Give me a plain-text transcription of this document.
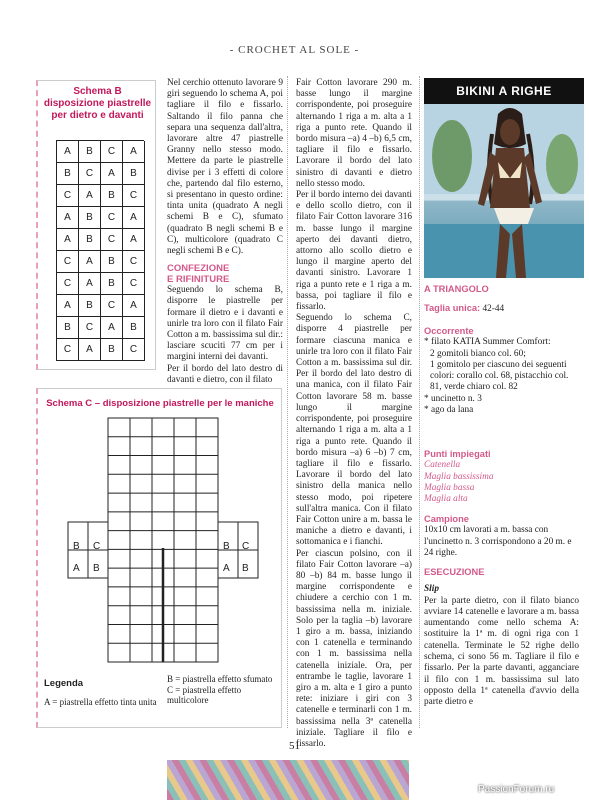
- CROCHET AL SOLE -
Schema B
disposizione piastrelle
per dietro e davanti
A	B	C	A
B	C	A	B
C	A	B	C
A	B	C	A
A	B	C	A
C	A	B	C
C	A	B	C
A	B	C	A
B	C	A	B
C	A	B	C

Nel cerchio ottenuto lavorare 9 giri seguendo lo schema A, poi tagliare il filo e fissarlo. Saltando il filo panna che separa una sequenza dall'altra, lavorare altre 47 piastrelle Granny nello stesso modo. Mettere da parte le piastrelle divise per i 3 effetti di colore che, partendo dal filo esterno, si presentano in questo ordine: tinta unita (quadrato A negli schemi B e C), sfumato (quadrato B negli schemi B e C), multicolore (quadrato C negli schemi B e C).

CONFEZIONE
E RIFINITURE

Seguendo lo schema B, disporre le piastrelle per formare il dietro e i davanti e unirle tra loro con il filato Fair Cotton a m. bassissima sul dir.: lasciare scuciti 77 cm per i margini interni dei davanti.

Per il bordo del lato destro di davanti e dietro, con il filato

Fair Cotton lavorare 290 m. basse lungo il margine corrispondente, poi proseguire alternando 1 riga a m. alta a 1 riga a punto rete. Quando il bordo misura –a) 4 –b) 6,5 cm, tagliare il filo e fissarlo. Lavorare il bordo del lato sinistro di davanti e dietro nello stesso modo.

Per il bordo interno dei davanti e dello scollo dietro, con il filato Fair Cotton lavorare 316 m. basse lungo il margine aperto dei davanti dietro, attorno allo scollo dietro e lungo il margine aperto del davanti sinistro. Lavorare 1 riga a punto rete e 1 riga a m. bassa, poi tagliare il filo e fissarlo.

Seguendo lo schema C, disporre 4 piastrelle per formare ciascuna manica e unirle tra loro con il filato Fair Cotton a m. bassissima sul dir. Per il bordo del lato destro di una manica, con il filato Fair Cotton lavorare 58 m. basse lungo il margine corrispondente, poi proseguire alternando 1 riga a m. alta a 1 riga a punto rete. Quando il bordo misura –a) 6 –b) 7 cm, tagliare il filo e fissarlo. Lavorare il bordo del lato sinistro della manica nello stesso modo, poi ripetere sull'altra manica. Con il filato Fair Cotton unire a m. bassa le maniche a dietro e davanti, i sottomanica e i fianchi.

Per ciascun polsino, con il filato Fair Cotton lavorare –a) 80 –b) 84 m. basse lungo il margine corrispondente e chiudere a cerchio con 1 m. bassissima nella m. iniziale. Solo per la taglia –b) lavorare 1 giro a m. bassa, iniziando con 1 catenella e terminando con 1 m. bassissima nella catenella iniziale. Ora, per entrambe le taglie, lavorare 1 giro a m. alta e 1 giro a punto rete: iniziare i giri con 3 catenelle e terminarli con 1 m. bassissima nella 3ª catenella iniziale. Tagliare il filo e fissarlo.

Schema C – disposizione piastrelle per le maniche
B C
A B
B C
A B
Legenda
A = piastrella effetto tinta unita
B = piastrella effetto sfumato
C = piastrella effetto multicolore
BIKINI A RIGHE
A TRIANGOLO
Taglia unica: 42-44
Occorrente
* filato KATIA Summer Comfort:
2 gomitoli bianco col. 60;
1 gomitolo per ciascuno dei seguenti colori: corallo col. 68, pistacchio col. 81, verde chiaro col. 82
* uncinetto n. 3
* ago da lana
Punti impiegati
Catenella
Maglia bassissima
Maglia bassa
Maglia alta
Campione
10x10 cm lavorati a m. bassa con l'uncinetto n. 3 corrispondono a 20 m. e 24 righe.
ESECUZIONE
Slip
Per la parte dietro, con il filato bianco avviare 14 catenelle e lavorare a m. bassa aumentando come nello schema A: sostituire la 1ª m. di ogni riga con 1 catenella. Terminate le 52 righe dello schema, ci sono 56 m. Tagliare il filo e fissarlo. Per la parte davanti, agganciare il filo con 1 m. bassissima sul lato opposto della 1ª catenella d'avvio della parte dietro e
51
PassionForum.ru
